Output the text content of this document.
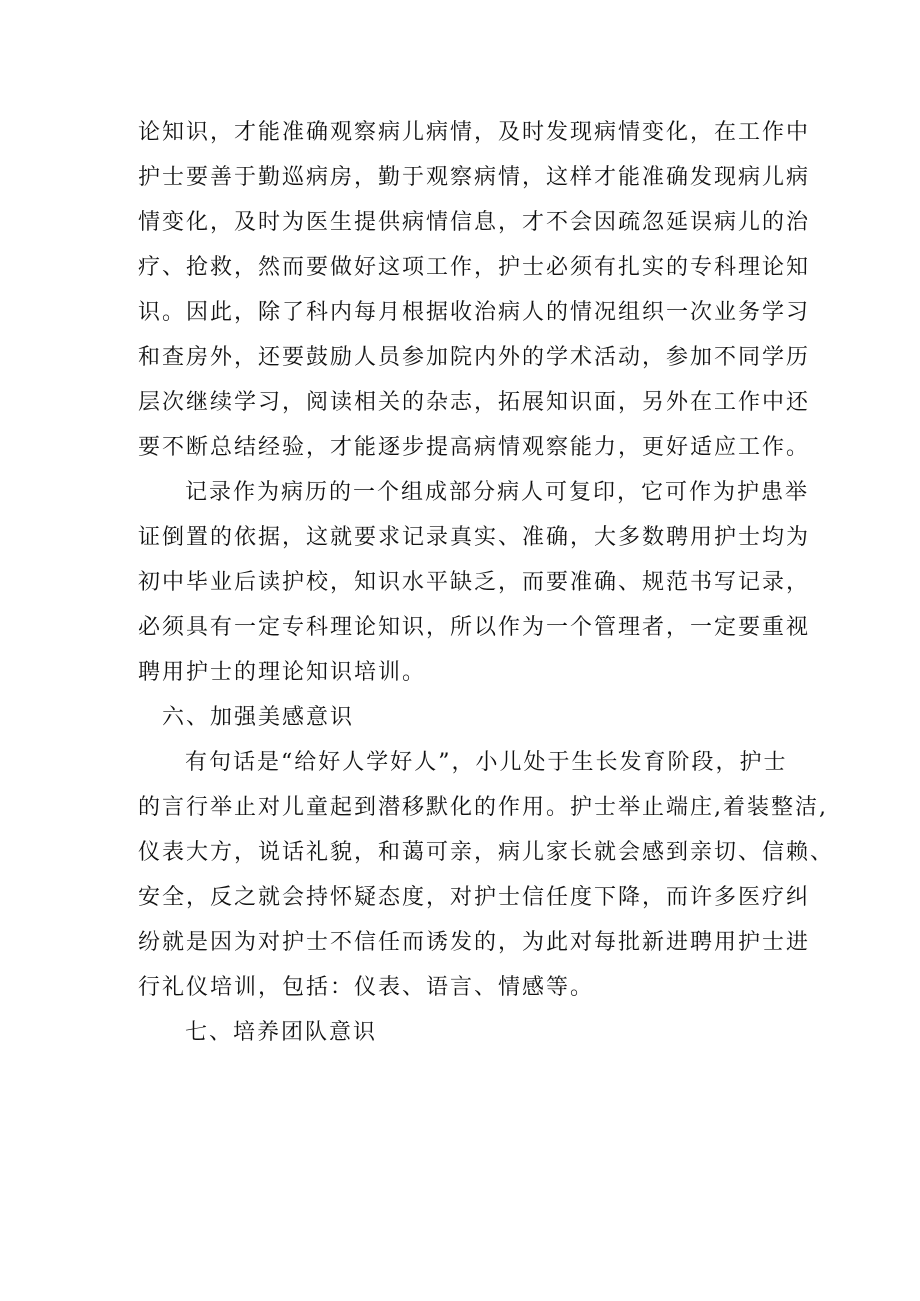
论知识，才能准确观察病儿病情，及时发现病情变化，在工作中
护士要善于勤巡病房，勤于观察病情，这样才能准确发现病儿病
情变化，及时为医生提供病情信息，才不会因疏忽延误病儿的治
疗、抢救，然而要做好这项工作，护士必须有扎实的专科理论知
识。因此，除了科内每月根据收治病人的情况组织一次业务学习
和查房外，还要鼓励人员参加院内外的学术活动，参加不同学历
层次继续学习，阅读相关的杂志，拓展知识面，另外在工作中还
要不断总结经验，才能逐步提高病情观察能力，更好适应工作。
记录作为病历的一个组成部分病人可复印，它可作为护患举
证倒置的依据，这就要求记录真实、准确，大多数聘用护士均为
初中毕业后读护校，知识水平缺乏，而要准确、规范书写记录，
必须具有一定专科理论知识，所以作为一个管理者，一定要重视
聘用护士的理论知识培训。
六、加强美感意识
有句话是“给好人学好人”，小儿处于生长发育阶段，护士
的言行举止对儿童起到潜移默化的作用。护士举止端庄,着装整洁,
仪表大方，说话礼貌，和蔼可亲，病儿家长就会感到亲切、信赖、
安全，反之就会持怀疑态度，对护士信任度下降，而许多医疗纠
纷就是因为对护士不信任而诱发的，为此对每批新进聘用护士进
行礼仪培训，包括：仪表、语言、情感等。
七、培养团队意识
